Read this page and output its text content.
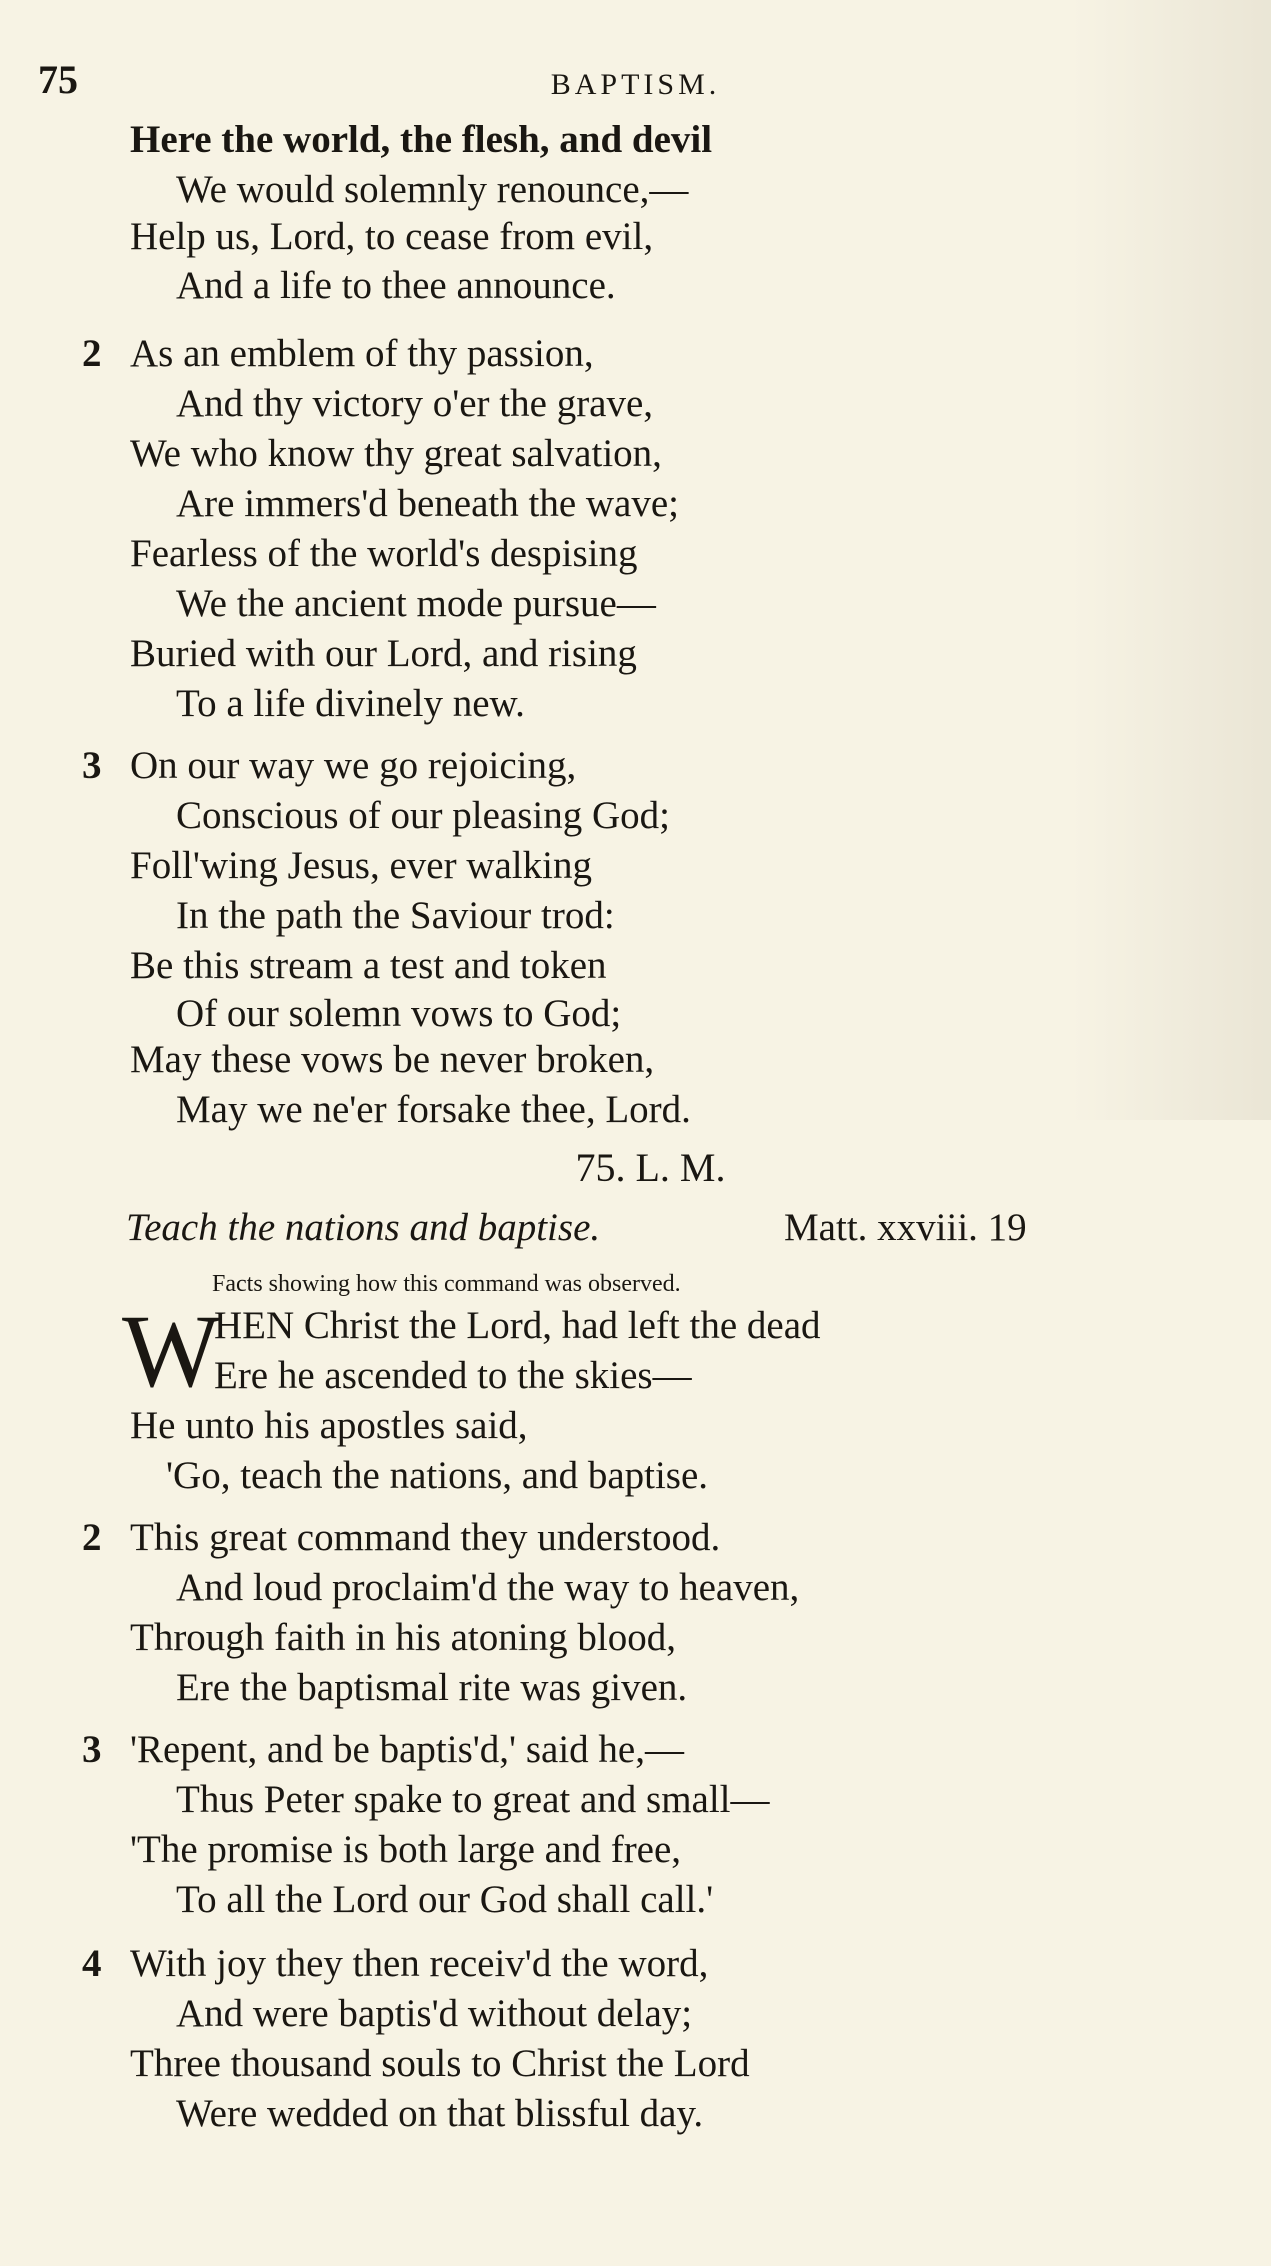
75	BAPTISM.
Here the world, the flesh, and devil
We would solemnly renounce,—
Help us, Lord, to cease from evil,
And a life to thee announce.
2 As an emblem of thy passion,
And thy victory o'er the grave,
We who know thy great salvation,
Are immers'd beneath the wave;
Fearless of the world's despising
We the ancient mode pursue—
Buried with our Lord, and rising
To a life divinely new.
3 On our way we go rejoicing,
Conscious of our pleasing God;
Foll'wing Jesus, ever walking
In the path the Saviour trod:
Be this stream a test and token
Of our solemn vows to God;
May these vows be never broken,
75. L. M.
Teach the nations and baptise.	Matt. xxviii. 19
Facts showing how this command was observed.
W
HEN Christ the Lord, had left the dead
Ere he ascended to the skies—
He unto his apostles said,
'Go, teach the nations, and baptise.
2 This great command they understood.
And loud proclaim'd the way to heaven,
Through faith in his atoning blood,
Ere the baptismal rite was given.
3 'Repent, and be baptis'd,' said he,—
Thus Peter spake to great and small—
'The promise is both large and free,
To all the Lord our God shall call.'
4 With joy they then receiv'd the word,
And were baptis'd without delay;
Three thousand souls to Christ the Lord
Were wedded on that blissful day.
May we ne'er forsake thee, Lord.
